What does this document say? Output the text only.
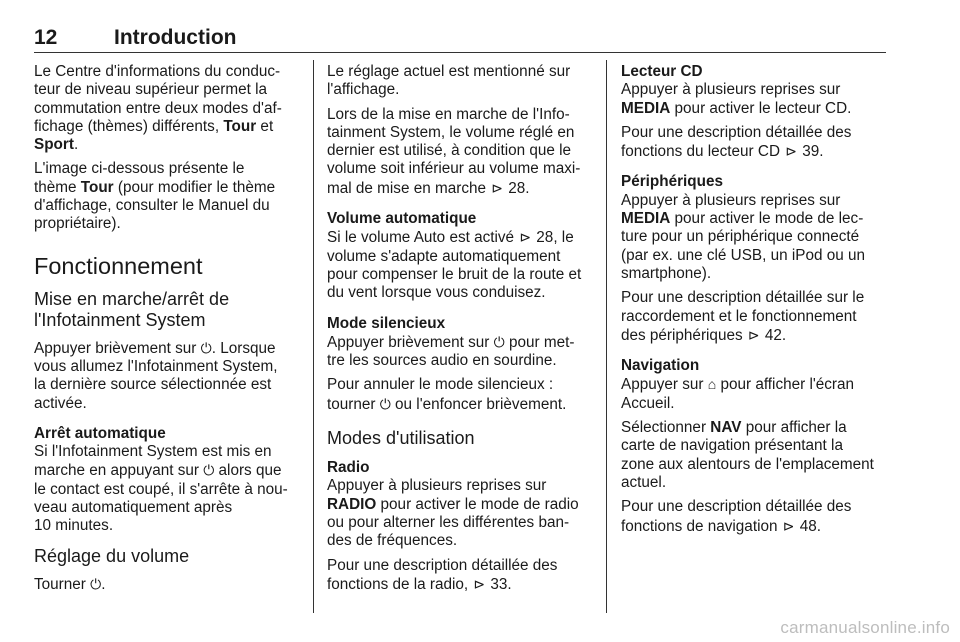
12	Introduction

Le Centre d'informations du conduc-
teur de niveau supérieur permet la
commutation entre deux modes d'af-
fichage (thèmes) différents, Tour et
Sport.

L'image ci-dessous présente le
thème Tour (pour modifier le thème
d'affichage, consulter le Manuel du
propriétaire).

Fonctionnement
Mise en marche/arrêt de
l'Infotainment System

Appuyer brièvement sur ⏻. Lorsque
vous allumez l'Infotainment System,
la dernière source sélectionnée est
activée.

Arrêt automatique

Si l'Infotainment System est mis en
marche en appuyant sur ⏻ alors que
le contact est coupé, il s'arrête à nou-
veau automatiquement après
10 minutes.

Réglage du volume

Tourner ⏻.

Le réglage actuel est mentionné sur
l'affichage.

Lors de la mise en marche de l'Info-
tainment System, le volume réglé en
dernier est utilisé, à condition que le
volume soit inférieur au volume maxi-
mal de mise en marche ⊳ 28.

Volume automatique

Si le volume Auto est activé ⊳ 28, le
volume s'adapte automatiquement
pour compenser le bruit de la route et
du vent lorsque vous conduisez.

Mode silencieux

Appuyer brièvement sur ⏻ pour met-
tre les sources audio en sourdine.

Pour annuler le mode silencieux :
tourner ⏻ ou l'enfoncer brièvement.

Modes d'utilisation
Radio

Appuyer à plusieurs reprises sur
RADIO pour activer le mode de radio
ou pour alterner les différentes ban-
des de fréquences.

Pour une description détaillée des
fonctions de la radio, ⊳ 33.

Lecteur CD

Appuyer à plusieurs reprises sur
MEDIA pour activer le lecteur CD.

Pour une description détaillée des
fonctions du lecteur CD ⊳ 39.

Périphériques

Appuyer à plusieurs reprises sur
MEDIA pour activer le mode de lec-
ture pour un périphérique connecté
(par ex. une clé USB, un iPod ou un
smartphone).

Pour une description détaillée sur le
raccordement et le fonctionnement
des périphériques ⊳ 42.

Navigation

Appuyer sur ⌂ pour afficher l'écran
Accueil.

Sélectionner NAV pour afficher la
carte de navigation présentant la
zone aux alentours de l'emplacement
actuel.

Pour une description détaillée des
fonctions de navigation ⊳ 48.

carmanualsonline.info
